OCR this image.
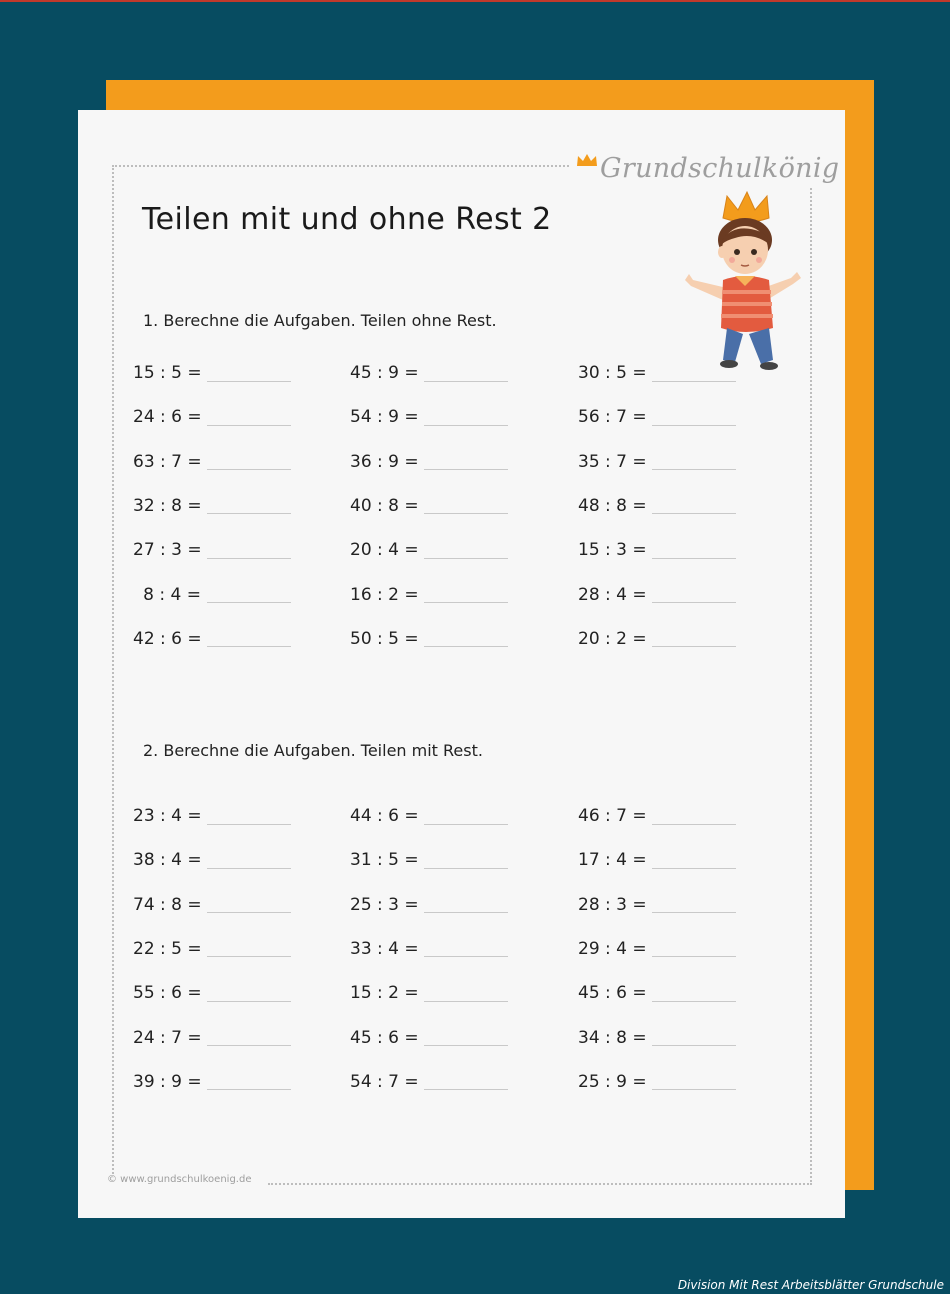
Grundschulkönig
Teilen mit und ohne Rest 2
1. Berechne die Aufgaben. Teilen ohne Rest.
15 : 5 =
24 : 6 =
63 : 7 =
32 : 8 =
27 : 3 =
8 : 4 =
42 : 6 =
45 : 9 =
54 : 9 =
36 : 9 =
40 : 8 =
20 : 4 =
16 : 2 =
50 : 5 =
30 : 5 =
56 : 7 =
35 : 7 =
48 : 8 =
15 : 3 =
28 : 4 =
20 : 2 =
2. Berechne die Aufgaben. Teilen mit Rest.
23 : 4 =
38 : 4 =
74 : 8 =
22 : 5 =
55 : 6 =
24 : 7 =
39 : 9 =
44 : 6 =
31 : 5 =
25 : 3 =
33 : 4 =
15 : 2 =
45 : 6 =
54 : 7 =
46 : 7 =
17 : 4 =
28 : 3 =
29 : 4 =
45 : 6 =
34 : 8 =
25 : 9 =
© www.grundschulkoenig.de
Division Mit Rest Arbeitsblätter Grundschule
